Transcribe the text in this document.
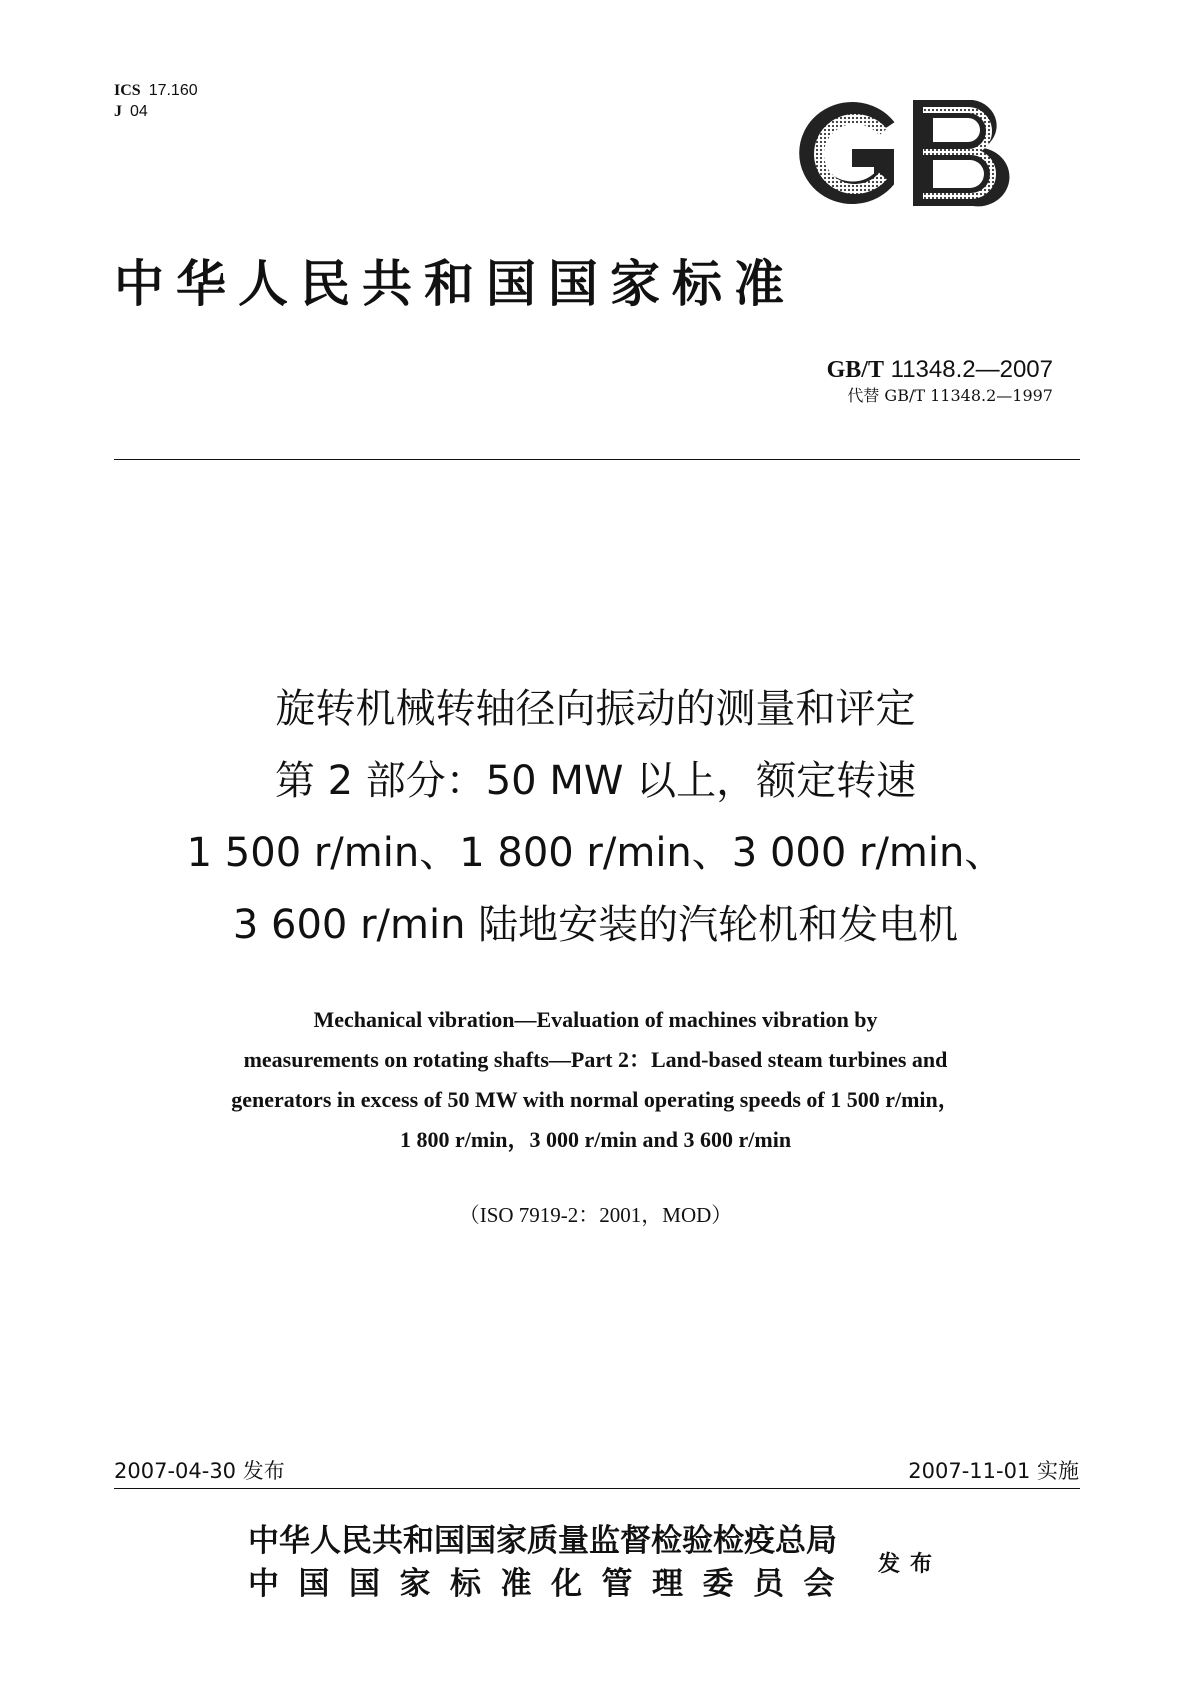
ICS 17.160
J 04
GB
中华人民共和国国家标准
GB/T 11348.2—2007
代替 GB/T 11348.2—1997
旋转机械转轴径向振动的测量和评定
第 2 部分：50 MW 以上，额定转速
1 500 r/min、1 800 r/min、3 000 r/min、
3 600 r/min 陆地安装的汽轮机和发电机
Mechanical vibration—Evaluation of machines vibration by
measurements on rotating shafts—Part 2：Land-based steam turbines and
generators in excess of 50 MW with normal operating speeds of 1 500 r/min，
1 800 r/min，3 000 r/min and 3 600 r/min
（ISO 7919-2：2001，MOD）
2007-04-30 发布	2007-11-01 实施
中华人民共和国国家质量监督检验检疫总局
中国国家标准化管理委员会
发布
